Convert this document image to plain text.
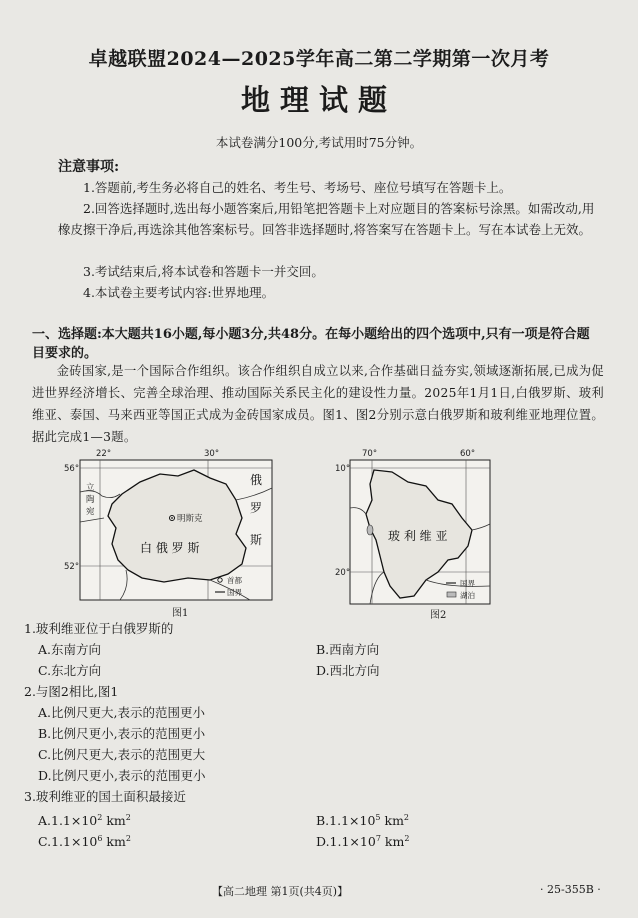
卓越联盟2024—2025学年高二第二学期第一次月考
地理试题
本试卷满分100分,考试用时75分钟。
注意事项:
1.答题前,考生务必将自己的姓名、考生号、考场号、座位号填写在答题卡上。
2.回答选择题时,选出每小题答案后,用铅笔把答题卡上对应题目的答案标号涂黑。如需改动,用橡皮擦干净后,再选涂其他答案标号。回答非选择题时,将答案写在答题卡上。写在本试卷上无效。
3.考试结束后,将本试卷和答题卡一并交回。
4.本试卷主要考试内容:世界地理。
一、选择题:本大题共16小题,每小题3分,共48分。在每小题给出的四个选项中,只有一项是符合题目要求的。
金砖国家,是一个国际合作组织。该合作组织自成立以来,合作基础日益夯实,领域逐渐拓展,已成为促进世界经济增长、完善全球治理、推动国际关系民主化的建设性力量。2025年1月1日,白俄罗斯、玻利维亚、泰国、马来西亚等国正式成为金砖国家成员。图1、图2分别示意白俄罗斯和玻利维亚地理位置。据此完成1—3题。
22°	30°
56°
52°
立
陶
宛
俄
罗
斯
明斯克
白 俄 罗 斯
首都
国界
图1
70°	60°
10°
20°
玻 利 维 亚
国界
湖泊
图2
1.玻利维亚位于白俄罗斯的
A.东南方向	B.西南方向
C.东北方向	D.西北方向
2.与图2相比,图1
A.比例尺更大,表示的范围更小
B.比例尺更小,表示的范围更小
C.比例尺更大,表示的范围更大
D.比例尺更小,表示的范围更小
3.玻利维亚的国土面积最接近
$A.1.1\times 10^2$ $km^2$	$B.1.1\times 10^5$ $km^2$
$C.1.1\times 10^6$ $km^2$	$D.1.1\times 10^7$ $km^2$
【高二地理 第1页(共4页)】	· 25-355B ·
